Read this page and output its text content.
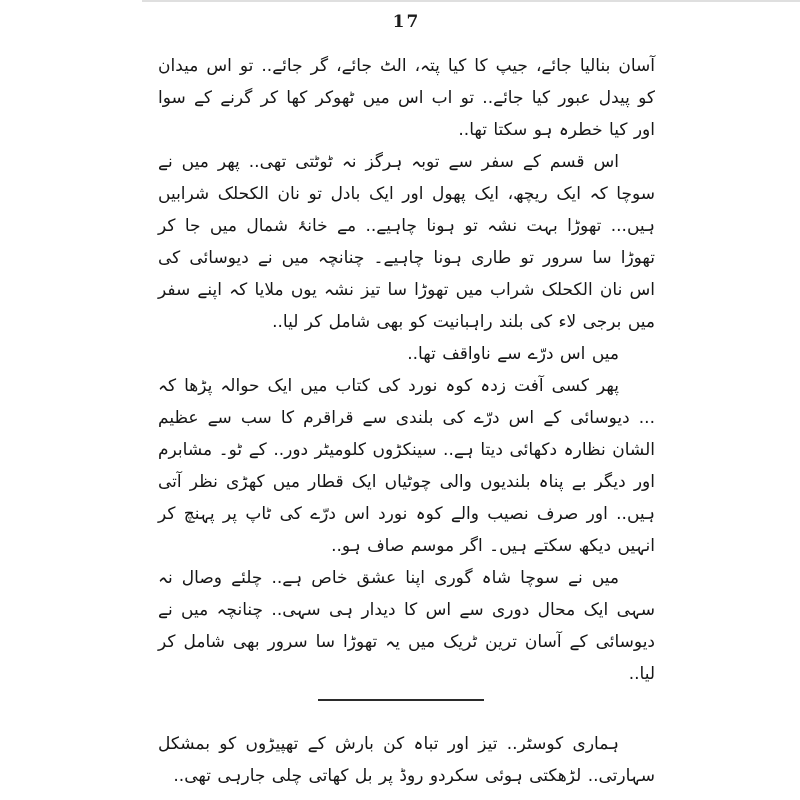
17

آسان بنالیا جائے، جیپ کا کیا پتہ، الٹ جائے، گر جائے.. تو اس میدان کو پیدل عبور کیا جائے.. تو اب اس میں ٹھوکر کھا کر گرنے کے سوا اور کیا خطرہ ہو سکتا تھا..

اس قسم کے سفر سے توبہ ہرگز نہ ٹوٹتی تھی.. پھر میں نے سوچا کہ ایک ریچھ، ایک پھول اور ایک بادل تو نان الکحلک شرابیں ہیں... تھوڑا بہت نشہ تو ہونا چاہیے.. مے خانۂ شمال میں جا کر تھوڑا سا سرور تو طاری ہونا چاہیے۔ چنانچہ میں نے دیوسائی کی اس نان الکحلک شراب میں تھوڑا سا تیز نشہ یوں ملایا کہ اپنے سفر میں برجی لاء کی بلند راہبانیت کو بھی شامل کر لیا..

میں اس درّے سے ناواقف تھا..

پھر کسی آفت زدہ کوہ نورد کی کتاب میں ایک حوالہ پڑھا کہ ... دیوسائی کے اس درّے کی بلندی سے قراقرم کا سب سے عظیم الشان نظارہ دکھائی دیتا ہے.. سینکڑوں کلومیٹر دور.. کے ٹو۔ مشابرم اور دیگر بے پناہ بلندیوں والی چوٹیاں ایک قطار میں کھڑی نظر آتی ہیں.. اور صرف نصیب والے کوہ نورد اس درّے کی ٹاپ پر پہنچ کر انہیں دیکھ سکتے ہیں۔ اگر موسم صاف ہو..

میں نے سوچا شاہ گوری اپنا عشق خاص ہے.. چلئے وصال نہ سہی ایک محال دوری سے اس کا دیدار ہی سہی.. چنانچہ میں نے دیوسائی کے آسان ترین ٹریک میں یہ تھوڑا سا سرور بھی شامل کر لیا..

ہماری کوسٹر.. تیز اور تباہ کن بارش کے تھپیڑوں کو بمشکل سہارتی.. لڑھکتی ہوئی سکردو روڈ پر بل کھاتی چلی جارہی تھی..
